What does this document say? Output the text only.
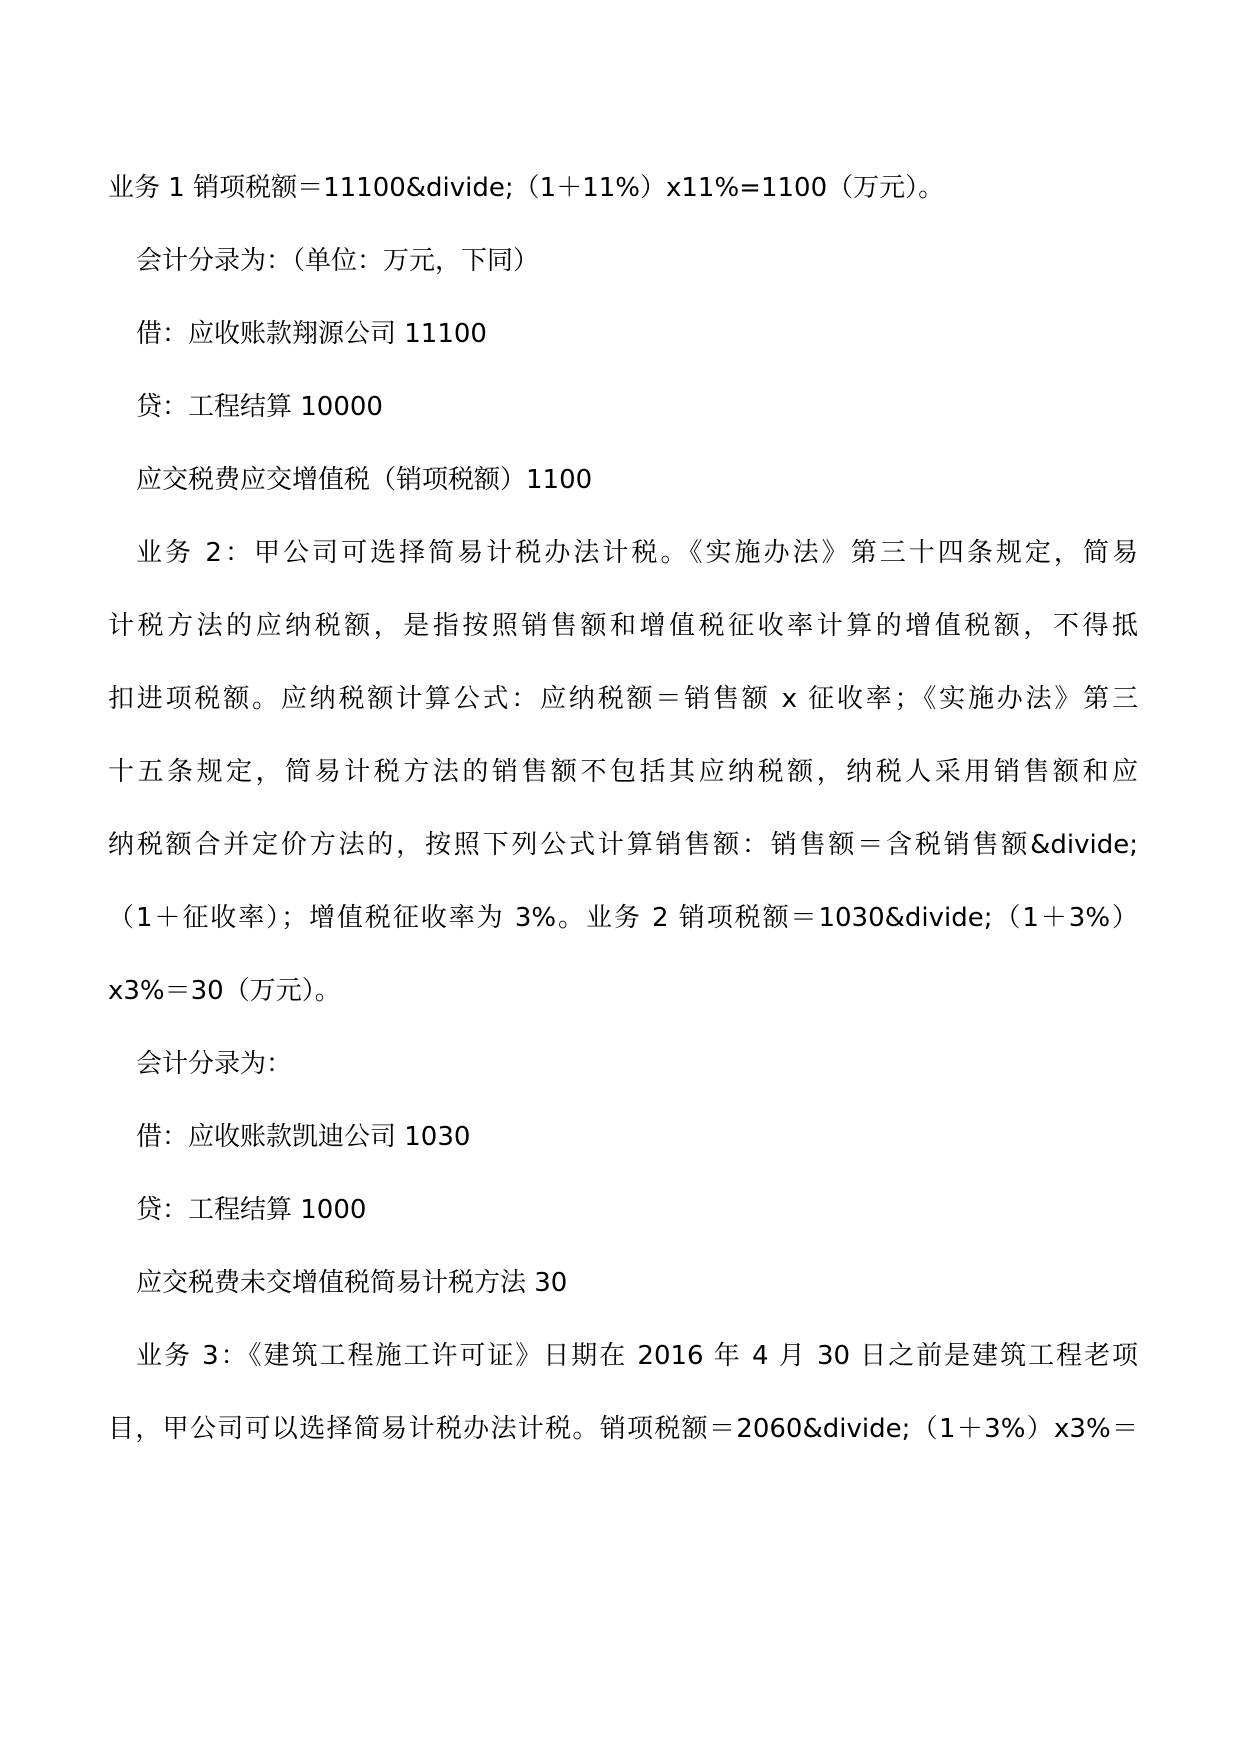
业务 1 销项税额＝11100&divide;（1＋11%）x11%=1100（万元）。
会计分录为：（单位：万元，下同）
借：应收账款翔源公司 11100
贷：工程结算 10000
应交税费应交增值税（销项税额）1100
业务 2：甲公司可选择简易计税办法计税。《实施办法》第三十四条规定，简易
计税方法的应纳税额，是指按照销售额和增值税征收率计算的增值税额，不得抵
扣进项税额。应纳税额计算公式：应纳税额＝销售额 x 征收率；《实施办法》第三
十五条规定，简易计税方法的销售额不包括其应纳税额，纳税人采用销售额和应
纳税额合并定价方法的，按照下列公式计算销售额：销售额＝含税销售额&divide;
（1＋征收率）；增值税征收率为 3%。业务 2 销项税额＝1030&divide;（1＋3%）
x3%＝30（万元）。
会计分录为：
借：应收账款凯迪公司 1030
贷：工程结算 1000
应交税费未交增值税简易计税方法 30
业务 3：《建筑工程施工许可证》日期在 2016 年 4 月 30 日之前是建筑工程老项
目，甲公司可以选择简易计税办法计税。销项税额＝2060&divide;（1＋3%）x3%＝
